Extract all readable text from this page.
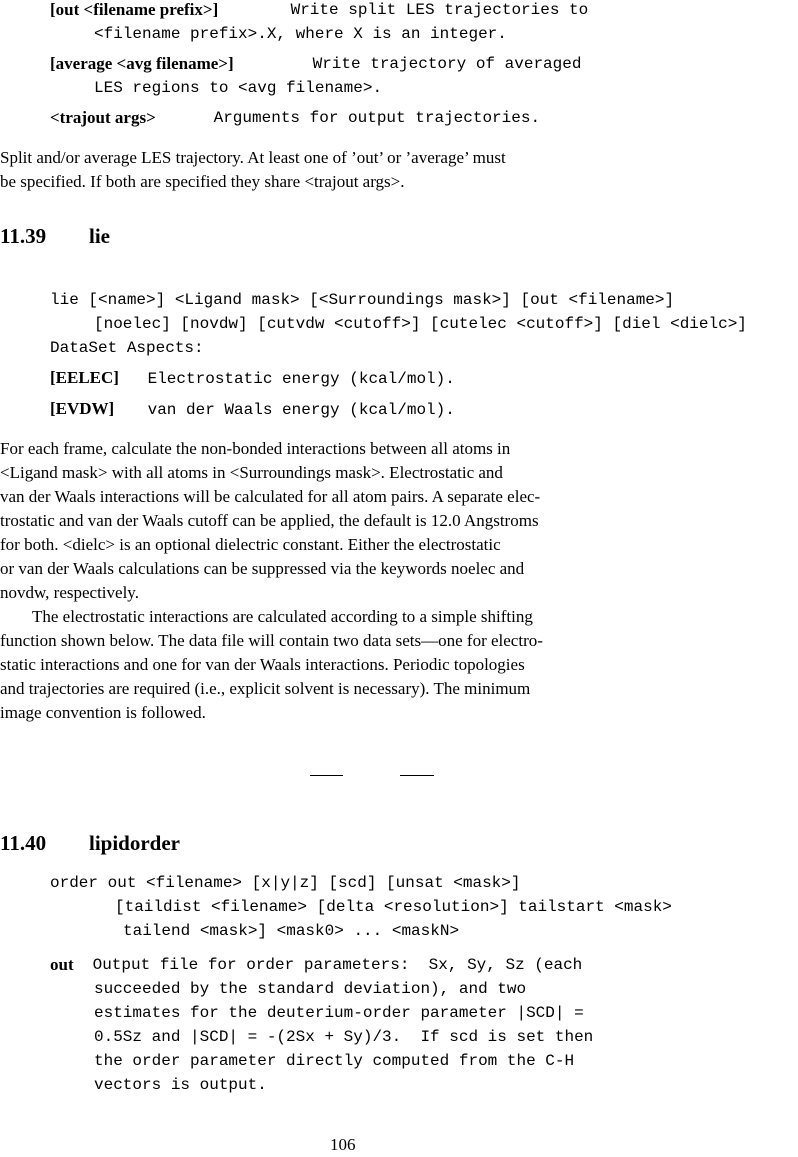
[out <filename prefix>]	Write split LES trajectories to
<filename prefix>.X, where X is an integer.
[average <avg filename>]	Write trajectory of averaged
LES regions to <avg filename>.
<trajout args>	Arguments for output trajectories.
Split and/or average LES trajectory. At least one of ’out’ or ’average’ must
be specified. If both are specified they share <trajout args>.
11.39 lie
lie [<name>] <Ligand mask> [<Surroundings mask>] [out <filename>]
[noelec] [novdw] [cutvdw <cutoff>] [cutelec <cutoff>] [diel <dielc>]
DataSet Aspects:
[EELEC] Electrostatic energy (kcal/mol).
[EVDW] van der Waals energy (kcal/mol).
For each frame, calculate the non-bonded interactions between all atoms in
<Ligand mask> with all atoms in <Surroundings mask>. Electrostatic and
van der Waals interactions will be calculated for all atom pairs. A separate elec-
trostatic and van der Waals cutoff can be applied, the default is 12.0 Angstroms
for both. <dielc> is an optional dielectric constant. Either the electrostatic
or van der Waals calculations can be suppressed via the keywords noelec and
novdw, respectively.
The electrostatic interactions are calculated according to a simple shifting
function shown below. The data file will contain two data sets—one for electro-
static interactions and one for van der Waals interactions. Periodic topologies
and trajectories are required (i.e., explicit solvent is necessary). The minimum
image convention is followed.
11.40 lipidorder
order out <filename> [x|y|z] [scd] [unsat <mask>]
[taildist <filename> [delta <resolution>] tailstart <mask>
tailend <mask>] <mask0> ... <maskN>
out Output file for order parameters:  Sx, Sy, Sz (each
succeeded by the standard deviation), and two
estimates for the deuterium-order parameter |SCD| =
0.5Sz and |SCD| = -(2Sx + Sy)/3.  If scd is set then
the order parameter directly computed from the C-H
vectors is output.
106
